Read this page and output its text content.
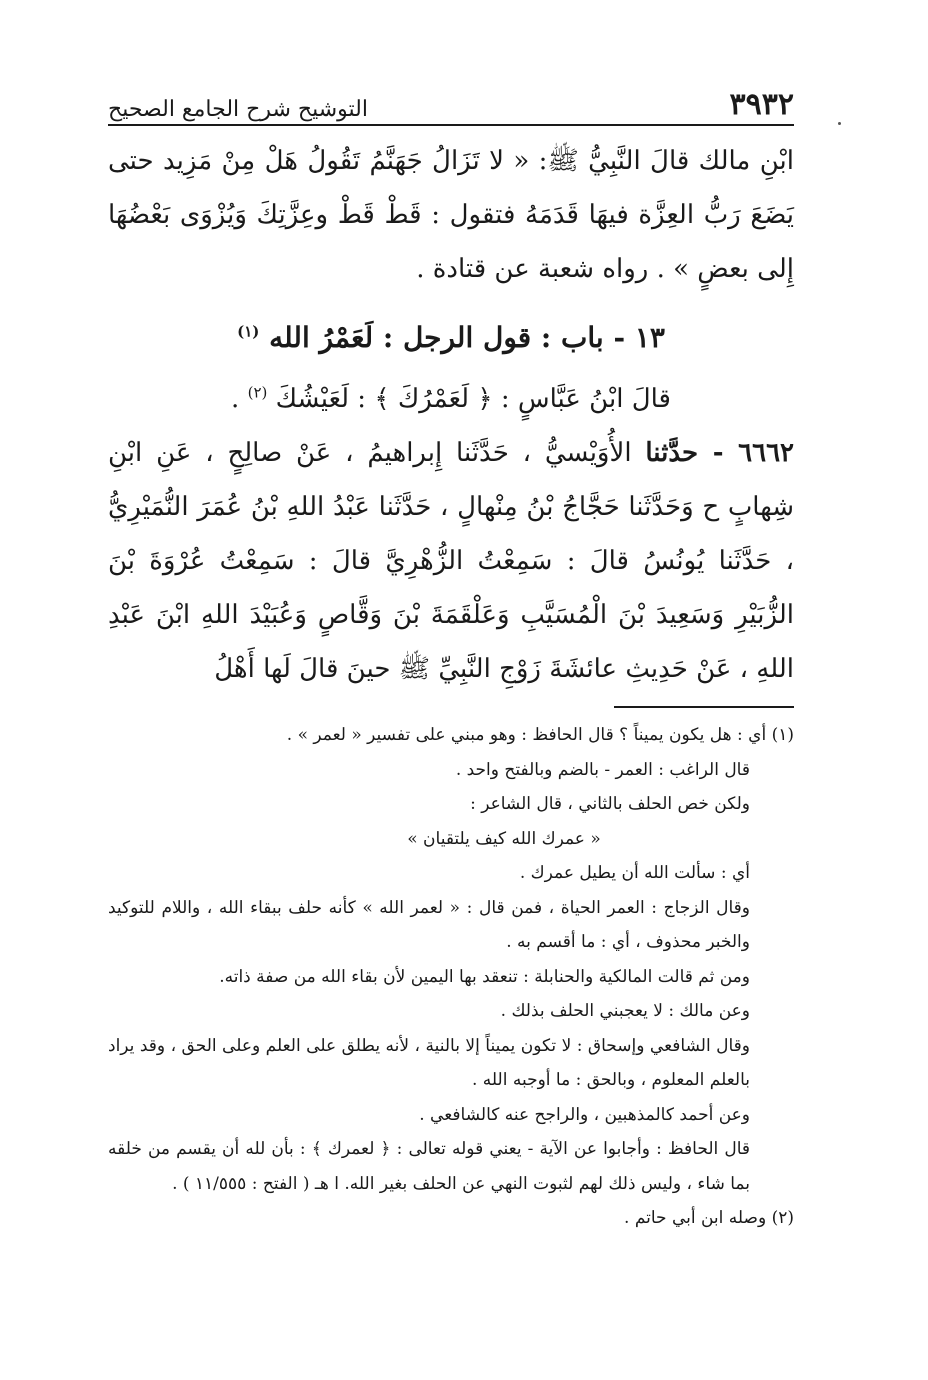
٣٩٣٢
التوشيح شرح الجامع الصحيح

ابْنِ مالك قالَ النَّبِيُّ ﷺ: « لا تَزَالُ جَهَنَّمُ تَقُولُ هَلْ مِنْ مَزِيد حتى يَضَعَ رَبُّ العِزَّة فيهَا قَدَمَهُ فتقول : قَطْ قَطْ وعِزَّتِكَ وَيُزْوَى بَعْضُهَا إِلى بعضٍ » . رواه شعبة عن قتادة .

١٣ - باب : قول الرجل : لَعَمْرُ الله $^{(١)}$

قالَ ابْنُ عَبَّاسٍ : ﴿ لَعَمْرُكَ ﴾ : لَعَيْشُكَ $^{(٢)}$ .

٦٦٦٢ - حدَّثنا الأُوَيْسيُّ ، حَدَّثَنا إِبراهيمُ ، عَنْ صالِحٍ ، عَنِ ابْنِ شِهابٍ ح وَحَدَّثَنا حَجَّاجُ بْنُ مِنْهالٍ ، حَدَّثَنا عَبْدُ اللهِ بْنُ عُمَرَ النُّمَيْرِيُّ ، حَدَّثَنا يُونُسُ قالَ : سَمِعْتُ الزُّهْرِيَّ قالَ : سَمِعْتُ عُرْوَةَ بْنَ الزُّبَيْرِ وَسَعِيدَ بْنَ الْمُسَيَّبِ وَعَلْقَمَةَ بْنَ وَقَّاصٍ وَعُبَيْدَ اللهِ ابْنَ عَبْدِ اللهِ ، عَنْ حَدِيثِ عائشَةَ زَوْجِ النَّبِيِّ ﷺ حينَ قالَ لَها أَهْلُ

(١) أي : هل يكون يميناً ؟ قال الحافظ : وهو مبني على تفسير « لعمر » .

قال الراغب : العمر - بالضم وبالفتح واحد .

ولكن خص الحلف بالثاني ، قال الشاعر :

« عمرك الله كيف يلتقيان »

أي : سألت الله أن يطيل عمرك .

وقال الزجاج : العمر الحياة ، فمن قال : « لعمر الله » كأنه حلف ببقاء الله ، واللام للتوكيد والخبر محذوف ، أي : ما أقسم به .

ومن ثم قالت المالكية والحنابلة : تنعقد بها اليمين لأن بقاء الله من صفة ذاته.

وعن مالك : لا يعجبني الحلف بذلك .

وقال الشافعي وإسحاق : لا تكون يميناً إلا بالنية ، لأنه يطلق على العلم وعلى الحق ، وقد يراد بالعلم المعلوم ، وبالحق : ما أوجبه الله .

وعن أحمد كالمذهبين ، والراجح عنه كالشافعي .

قال الحافظ : وأجابوا عن الآية - يعني قوله تعالى : ﴿ لعمرك ﴾ : بأن لله أن يقسم من خلقه بما شاء ، وليس ذلك لهم لثبوت النهي عن الحلف بغير الله. ا هـ ( الفتح : ١١/٥٥٥ ) .

(٢) وصله ابن أبي حاتم .
